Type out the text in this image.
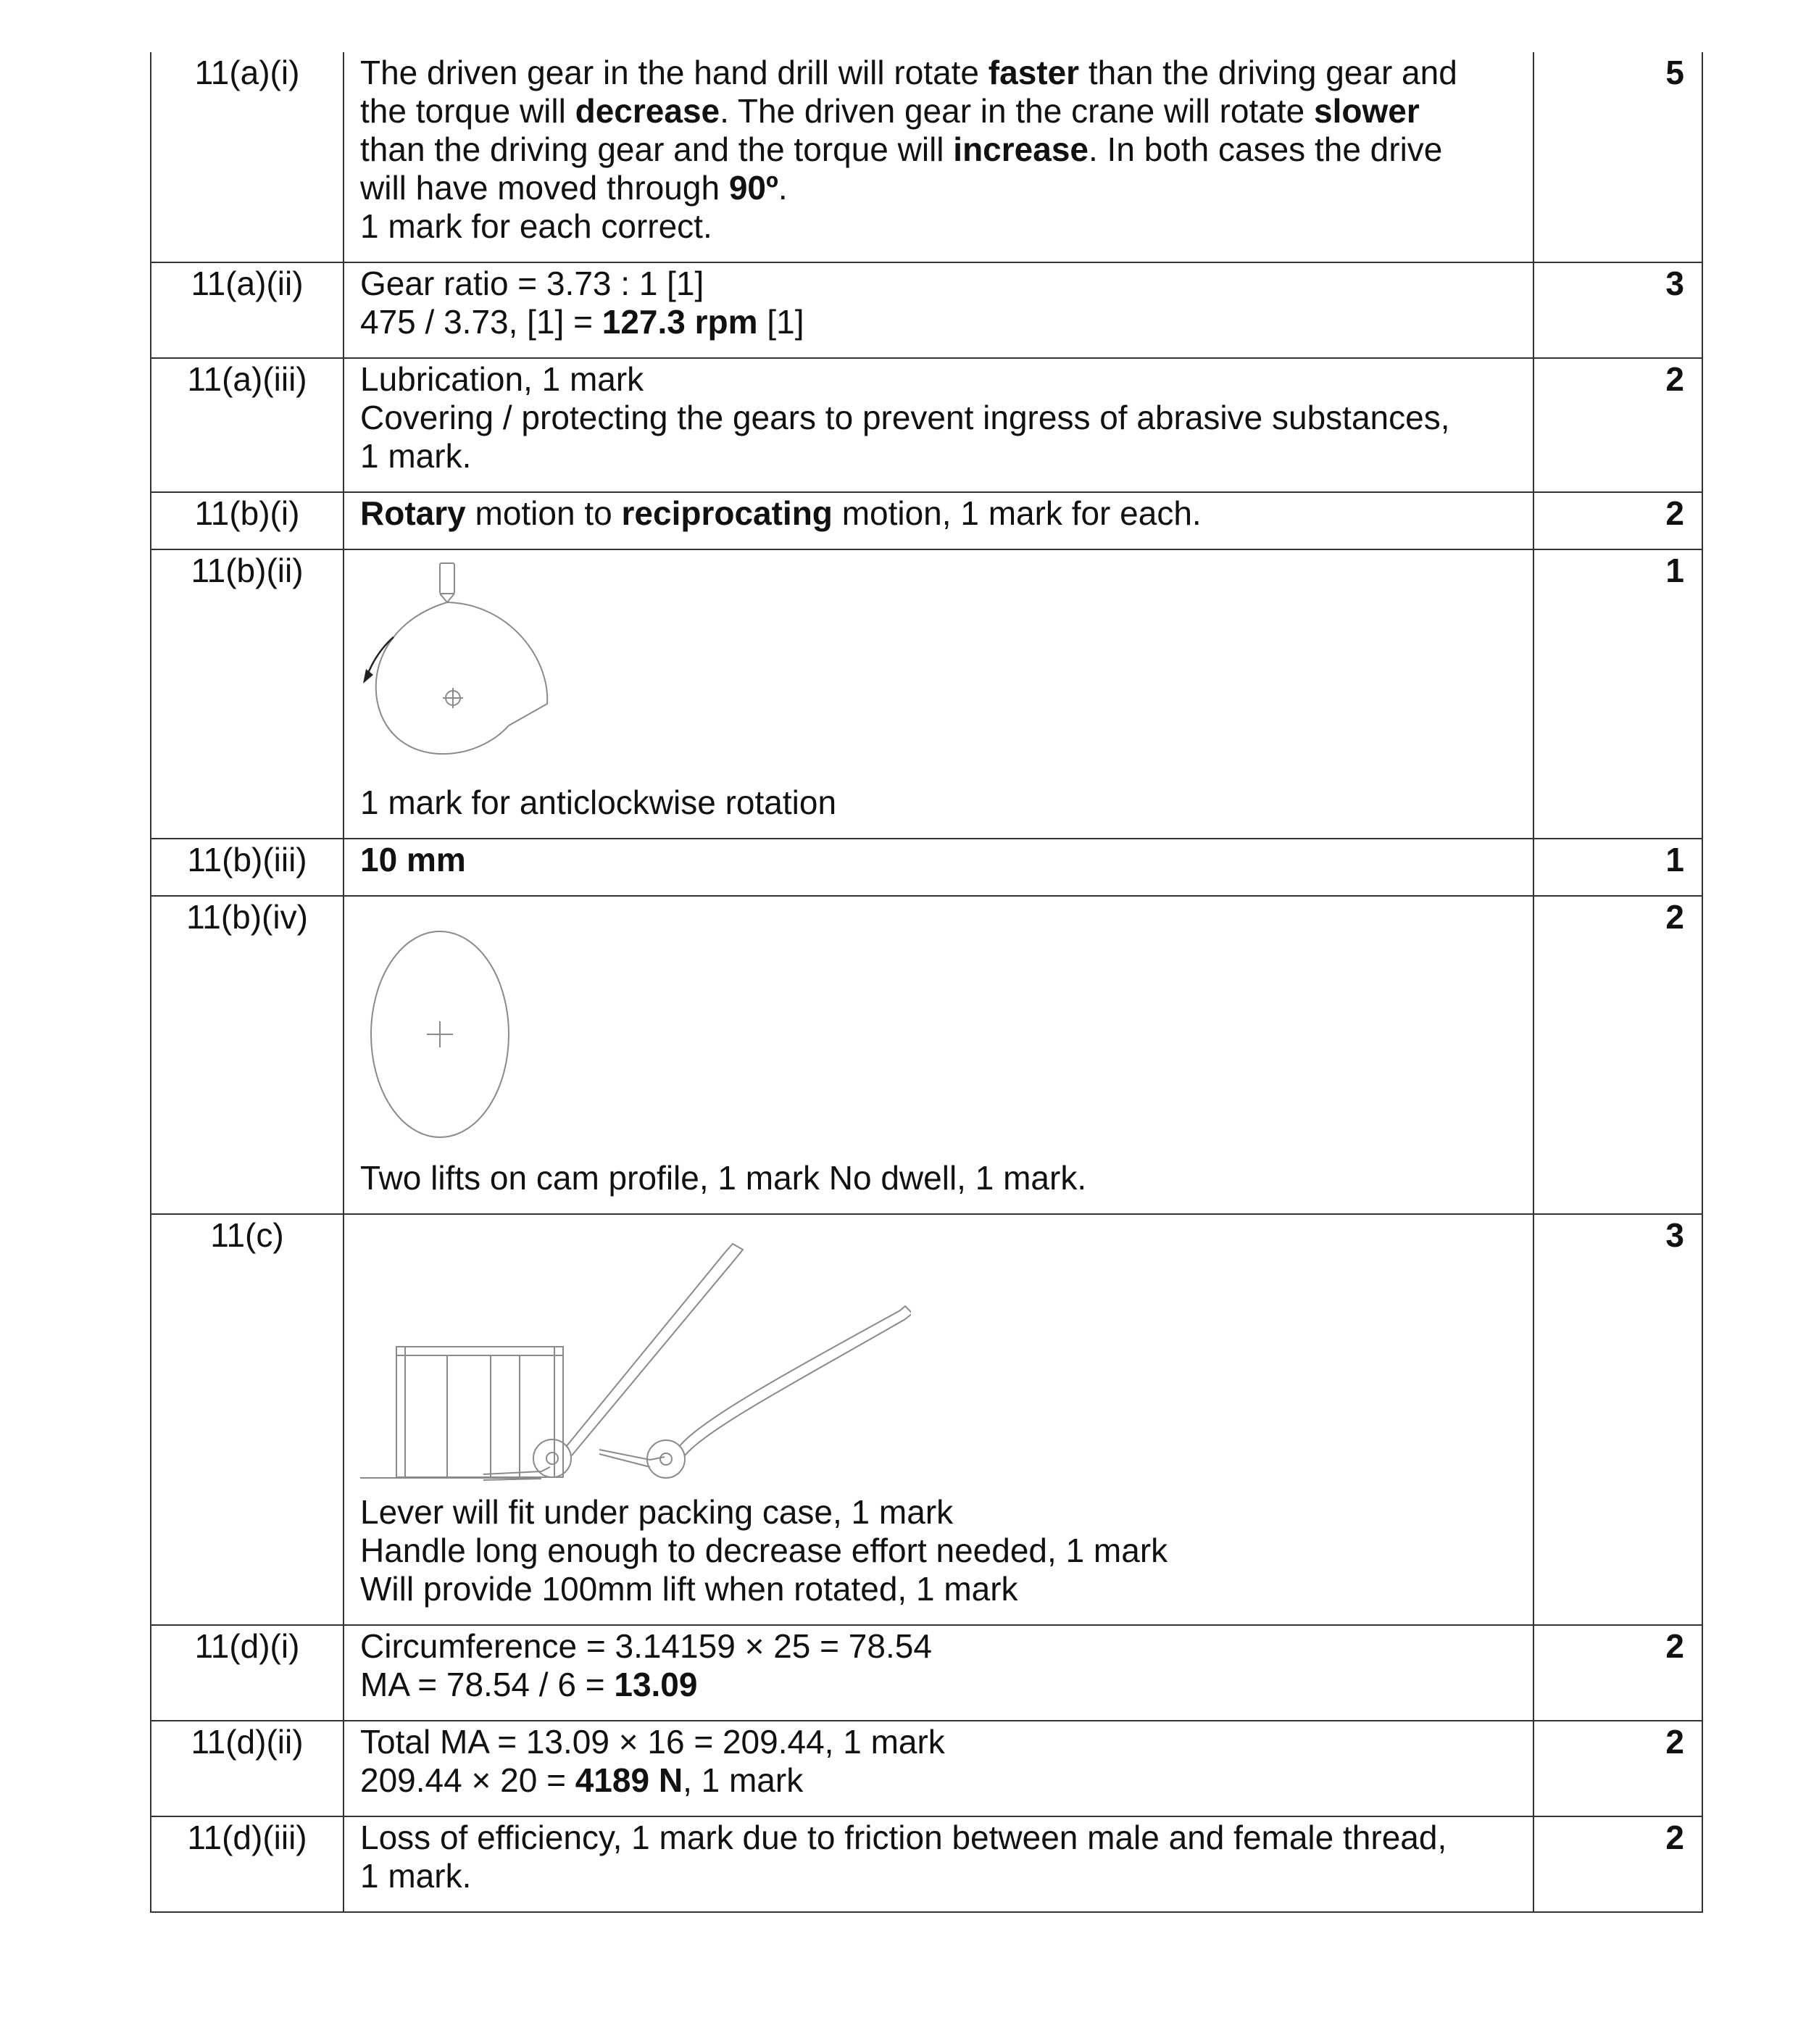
11(a)(i)	The driven gear in the hand drill will rotate faster than the driving gear and
the torque will decrease. The driven gear in the crane will rotate slower
than the driving gear and the torque will increase. In both cases the drive
will have moved through 90º.
1 mark for each correct.	5
11(a)(ii)	Gear ratio = 3.73 : 1 [1]
475 / 3.73, [1] = 127.3 rpm [1]	3
11(a)(iii)	Lubrication, 1 mark
Covering / protecting the gears to prevent ingress of abrasive substances,
1 mark.	2
11(b)(i)	Rotary motion to reciprocating motion, 1 mark for each.	2
11(b)(ii)	1 mark for anticlockwise rotation	1
11(b)(iii)	10 mm	1
11(b)(iv)	Two lifts on cam profile, 1 mark No dwell, 1 mark.	2
11(c)	Lever will fit under packing case, 1 mark
Handle long enough to decrease effort needed, 1 mark
Will provide 100mm lift when rotated, 1 mark	3
11(d)(i)	Circumference = 3.14159 × 25 = 78.54
MA = 78.54 / 6 = 13.09	2
11(d)(ii)	Total MA = 13.09 × 16 = 209.44, 1 mark
209.44 × 20 = 4189 N, 1 mark	2
11(d)(iii)	Loss of efficiency, 1 mark due to friction between male and female thread,
1 mark.	2
